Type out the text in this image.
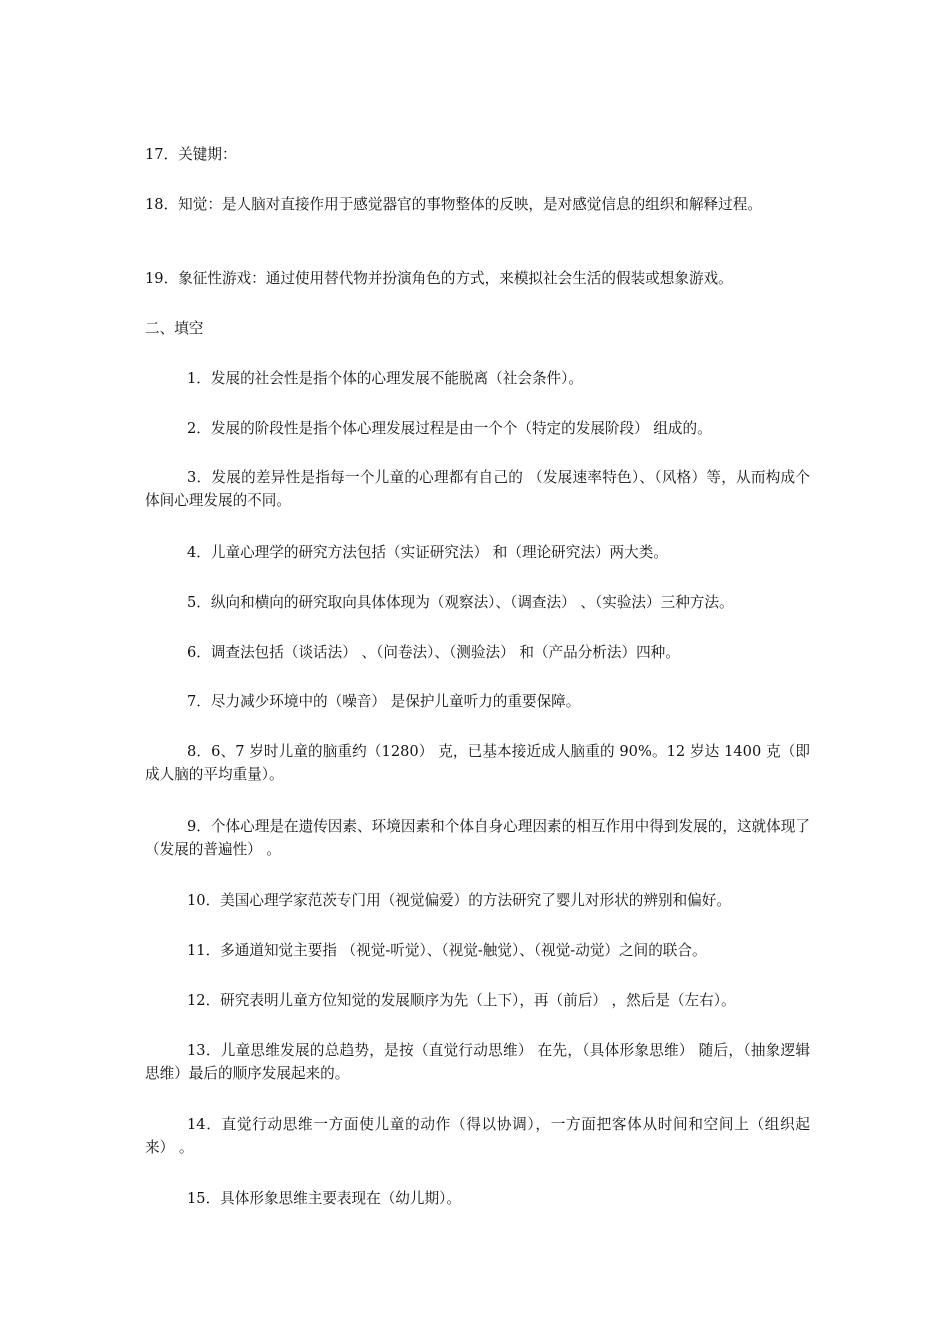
17．关键期：

18．知觉：是人脑对直接作用于感觉器官的事物整体的反映，是对感觉信息的组织和解释过程。

19．象征性游戏：通过使用替代物并扮演角色的方式，来模拟社会生活的假装或想象游戏。

二、填空

1．发展的社会性是指个体的心理发展不能脱离（社会条件）。

2．发展的阶段性是指个体心理发展过程是由一个个（特定的发展阶段） 组成的。

3．发展的差异性是指每一个儿童的心理都有自己的 （发展速率特色）、（风格）等，从而构成个体间心理发展的不同。

4．儿童心理学的研究方法包括（实证研究法） 和（理论研究法）两大类。

5．纵向和横向的研究取向具体体现为（观察法）、（调查法） 、（实验法）三种方法。

6．调查法包括（谈话法） 、（问卷法）、（测验法） 和（产品分析法）四种。

7．尽力减少环境中的（噪音） 是保护儿童听力的重要保障。

8．6、7 岁时儿童的脑重约（1280） 克，已基本接近成人脑重的 90%。12 岁达 1400 克（即成人脑的平均重量）。

9．个体心理是在遗传因素、环境因素和个体自身心理因素的相互作用中得到发展的，这就体现了（发展的普遍性） 。

10．美国心理学家范茨专门用（视觉偏爱）的方法研究了婴儿对形状的辨别和偏好。

11．多通道知觉主要指 （视觉-听觉）、（视觉-触觉）、（视觉-动觉）之间的联合。

12．研究表明儿童方位知觉的发展顺序为先（上下），再（前后） ，然后是（左右）。

13．儿童思维发展的总趋势，是按（直觉行动思维） 在先，（具体形象思维） 随后，（抽象逻辑思维）最后的顺序发展起来的。

14．直觉行动思维一方面使儿童的动作（得以协调），一方面把客体从时间和空间上（组织起来） 。

15．具体形象思维主要表现在（幼儿期）。
